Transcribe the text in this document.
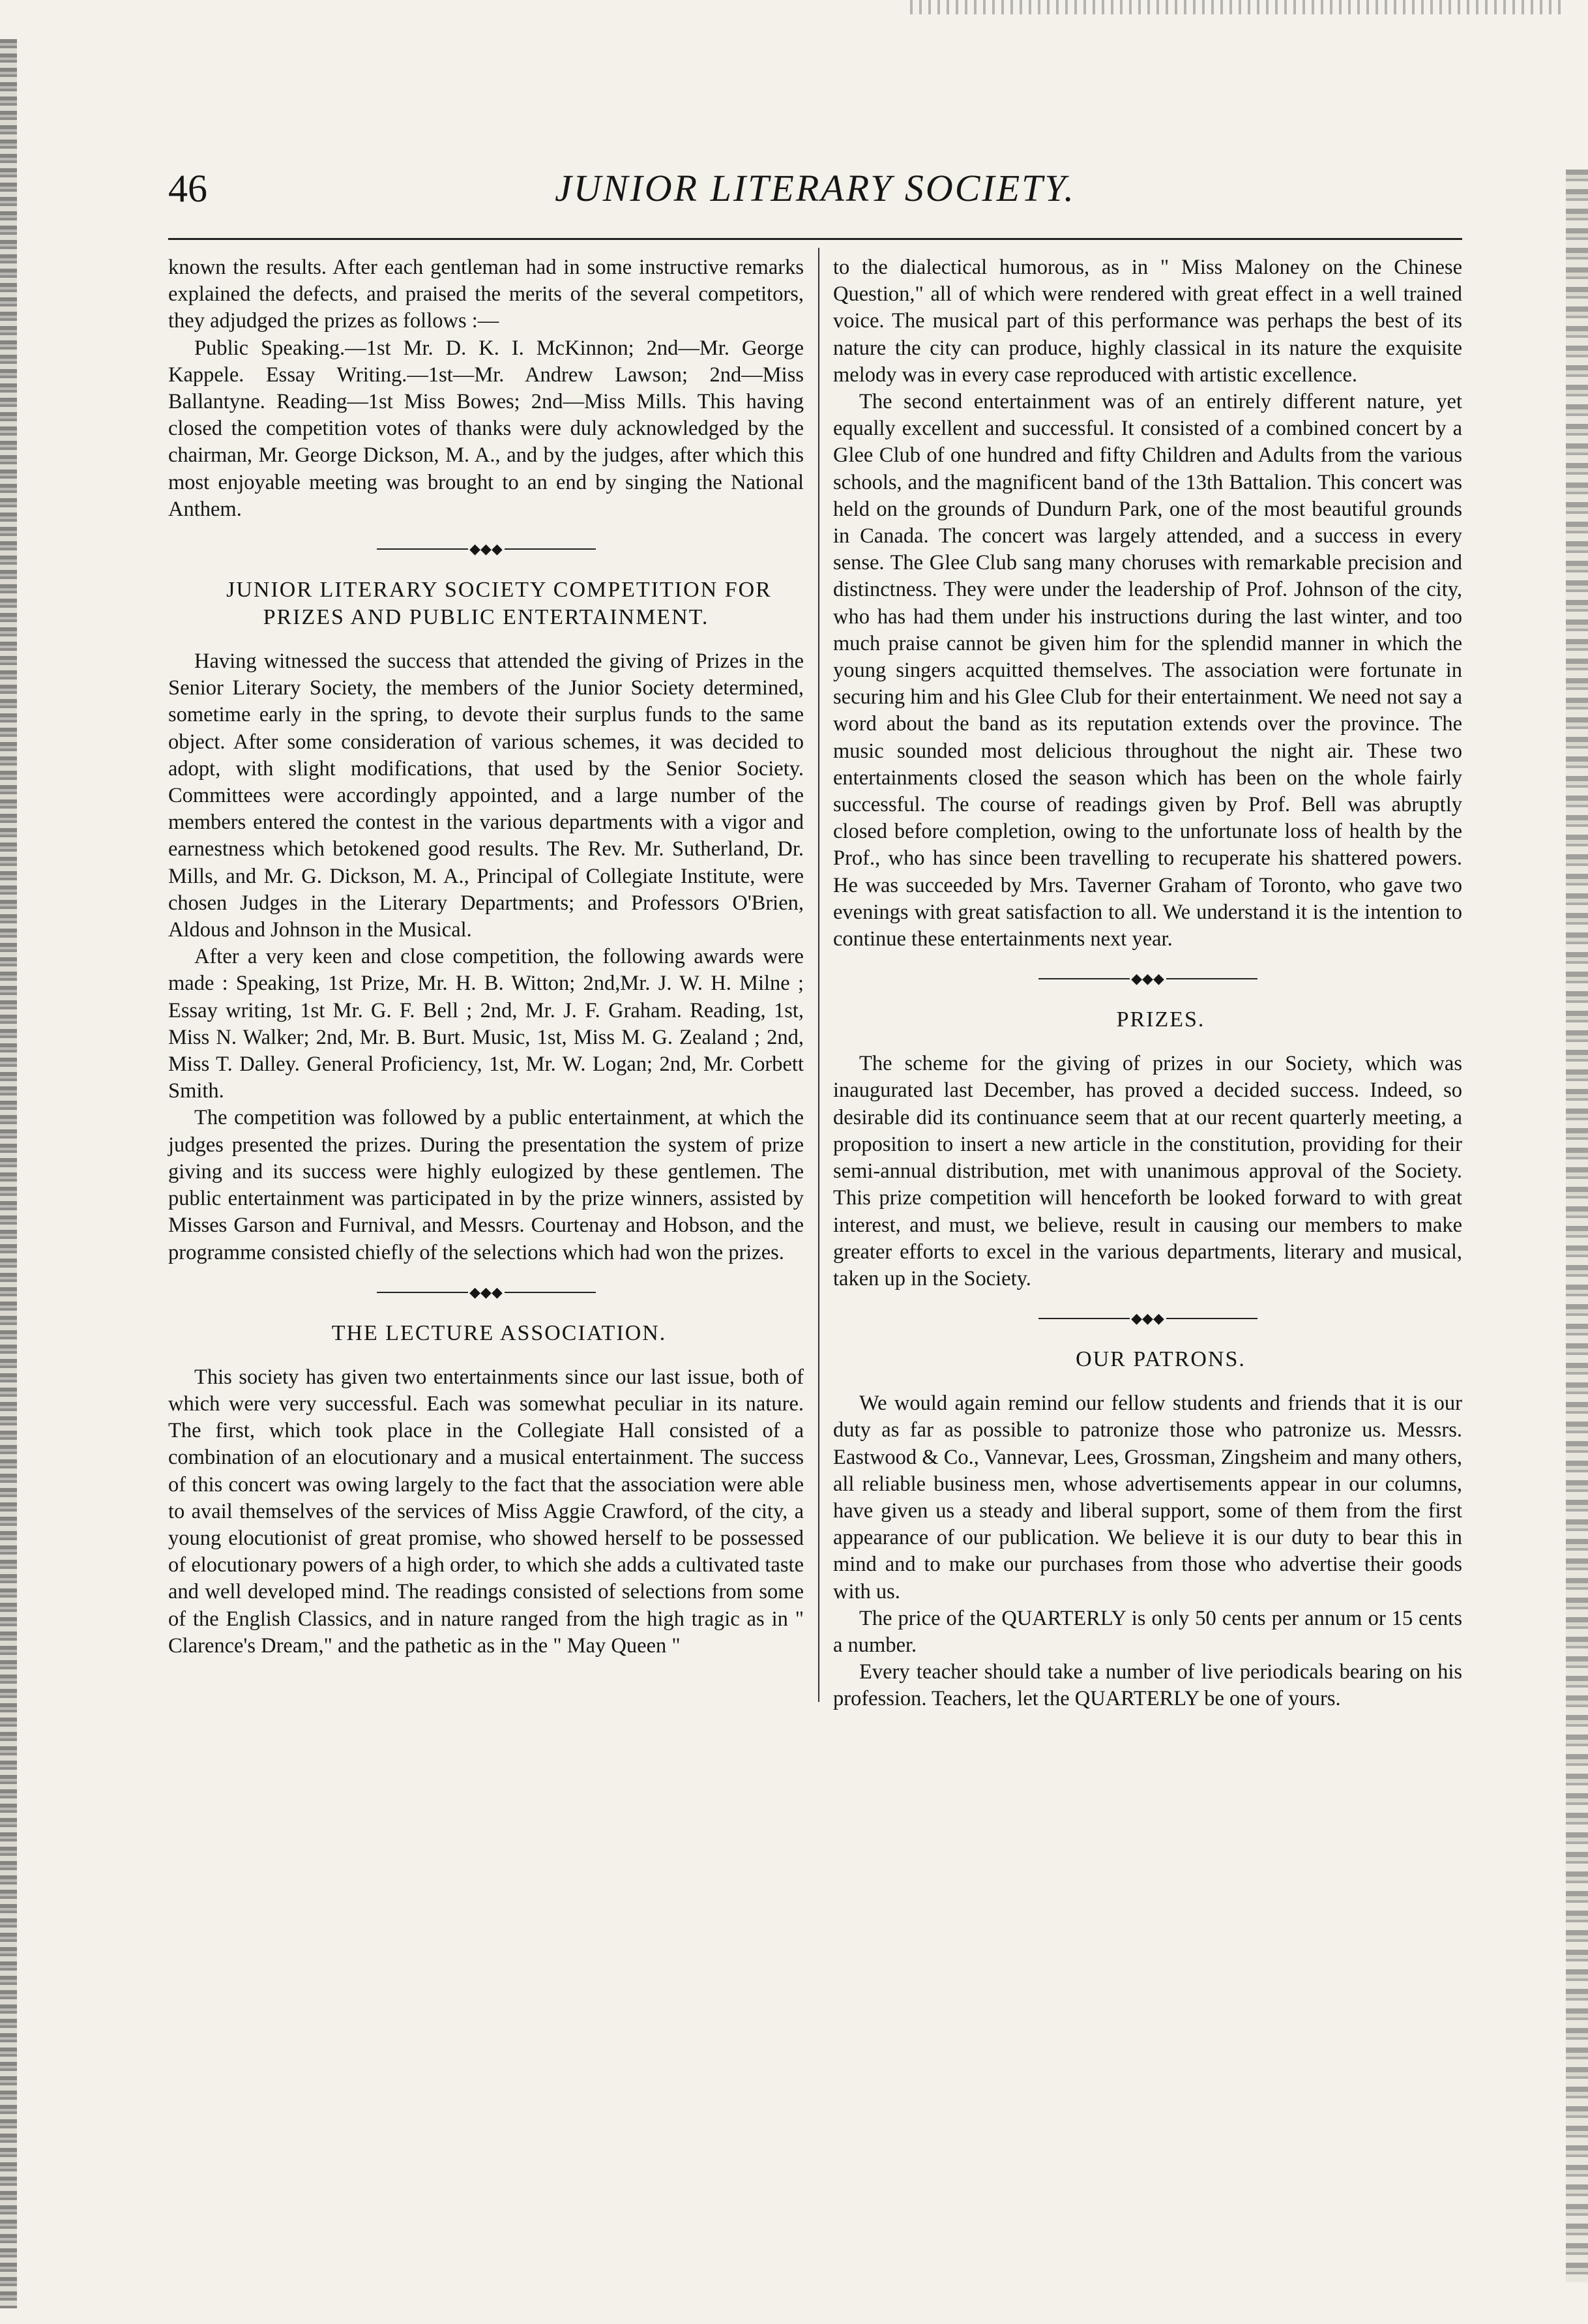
46	JUNIOR LITERARY SOCIETY.

known the results. After each gentleman had in some instructive remarks explained the defects, and praised the merits of the several competitors, they adjudged the prizes as follows :—

Public Speaking.—1st Mr. D. K. I. McKinnon; 2nd—Mr. George Kappele. Essay Writing.—1st—Mr. Andrew Lawson; 2nd—Miss Ballantyne. Reading—1st Miss Bowes; 2nd—Miss Mills. This having closed the competition votes of thanks were duly acknowledged by the chairman, Mr. George Dickson, M. A., and by the judges, after which this most enjoyable meeting was brought to an end by singing the National Anthem.

◆◆◆

JUNIOR LITERARY SOCIETY COMPETITION FOR PRIZES AND PUBLIC ENTERTAINMENT.

Having witnessed the success that attended the giving of Prizes in the Senior Literary Society, the members of the Junior Society determined, sometime early in the spring, to devote their surplus funds to the same object. After some consideration of various schemes, it was decided to adopt, with slight modifications, that used by the Senior Society. Committees were accordingly appointed, and a large number of the members entered the contest in the various departments with a vigor and earnestness which betokened good results. The Rev. Mr. Sutherland, Dr. Mills, and Mr. G. Dickson, M. A., Principal of Collegiate Institute, were chosen Judges in the Literary Departments; and Professors O'Brien, Aldous and Johnson in the Musical.

After a very keen and close competition, the following awards were made : Speaking, 1st Prize, Mr. H. B. Witton; 2nd,Mr. J. W. H. Milne ; Essay writing, 1st Mr. G. F. Bell ; 2nd, Mr. J. F. Graham. Reading, 1st, Miss N. Walker; 2nd, Mr. B. Burt. Music, 1st, Miss M. G. Zealand ; 2nd, Miss T. Dalley. General Proficiency, 1st, Mr. W. Logan; 2nd, Mr. Corbett Smith.

The competition was followed by a public entertainment, at which the judges presented the prizes. During the presentation the system of prize giving and its success were highly eulogized by these gentlemen. The public entertainment was participated in by the prize winners, assisted by Misses Garson and Furnival, and Messrs. Courtenay and Hobson, and the programme consisted chiefly of the selections which had won the prizes.

◆◆◆

THE LECTURE ASSOCIATION.

This society has given two entertainments since our last issue, both of which were very successful. Each was somewhat peculiar in its nature. The first, which took place in the Collegiate Hall consisted of a combination of an elocutionary and a musical entertainment. The success of this concert was owing largely to the fact that the association were able to avail themselves of the services of Miss Aggie Crawford, of the city, a young elocutionist of great promise, who showed herself to be possessed of elocutionary powers of a high order, to which she adds a cultivated taste and well developed mind. The readings consisted of selections from some of the English Classics, and in nature ranged from the high tragic as in " Clarence's Dream," and the pathetic as in the " May Queen "

to the dialectical humorous, as in " Miss Maloney on the Chinese Question," all of which were rendered with great effect in a well trained voice. The musical part of this performance was perhaps the best of its nature the city can produce, highly classical in its nature the exquisite melody was in every case reproduced with artistic excellence.

The second entertainment was of an entirely different nature, yet equally excellent and successful. It consisted of a combined concert by a Glee Club of one hundred and fifty Children and Adults from the various schools, and the magnificent band of the 13th Battalion. This concert was held on the grounds of Dundurn Park, one of the most beautiful grounds in Canada. The concert was largely attended, and a success in every sense. The Glee Club sang many choruses with remarkable precision and distinctness. They were under the leadership of Prof. Johnson of the city, who has had them under his instructions during the last winter, and too much praise cannot be given him for the splendid manner in which the young singers acquitted themselves. The association were fortunate in securing him and his Glee Club for their entertainment. We need not say a word about the band as its reputation extends over the province. The music sounded most delicious throughout the night air. These two entertainments closed the season which has been on the whole fairly successful. The course of readings given by Prof. Bell was abruptly closed before completion, owing to the unfortunate loss of health by the Prof., who has since been travelling to recuperate his shattered powers. He was succeeded by Mrs. Taverner Graham of Toronto, who gave two evenings with great satisfaction to all. We understand it is the intention to continue these entertainments next year.

◆◆◆

PRIZES.

The scheme for the giving of prizes in our Society, which was inaugurated last December, has proved a decided success. Indeed, so desirable did its continuance seem that at our recent quarterly meeting, a proposition to insert a new article in the constitution, providing for their semi-annual distribution, met with unanimous approval of the Society. This prize competition will henceforth be looked forward to with great interest, and must, we believe, result in causing our members to make greater efforts to excel in the various departments, literary and musical, taken up in the Society.

◆◆◆

OUR PATRONS.

We would again remind our fellow students and friends that it is our duty as far as possible to patronize those who patronize us. Messrs. Eastwood & Co., Vannevar, Lees, Grossman, Zingsheim and many others, all reliable business men, whose advertisements appear in our columns, have given us a steady and liberal support, some of them from the first appearance of our publication. We believe it is our duty to bear this in mind and to make our purchases from those who advertise their goods with us.

The price of the QUARTERLY is only 50 cents per annum or 15 cents a number.

Every teacher should take a number of live periodicals bearing on his profession. Teachers, let the QUARTERLY be one of yours.
